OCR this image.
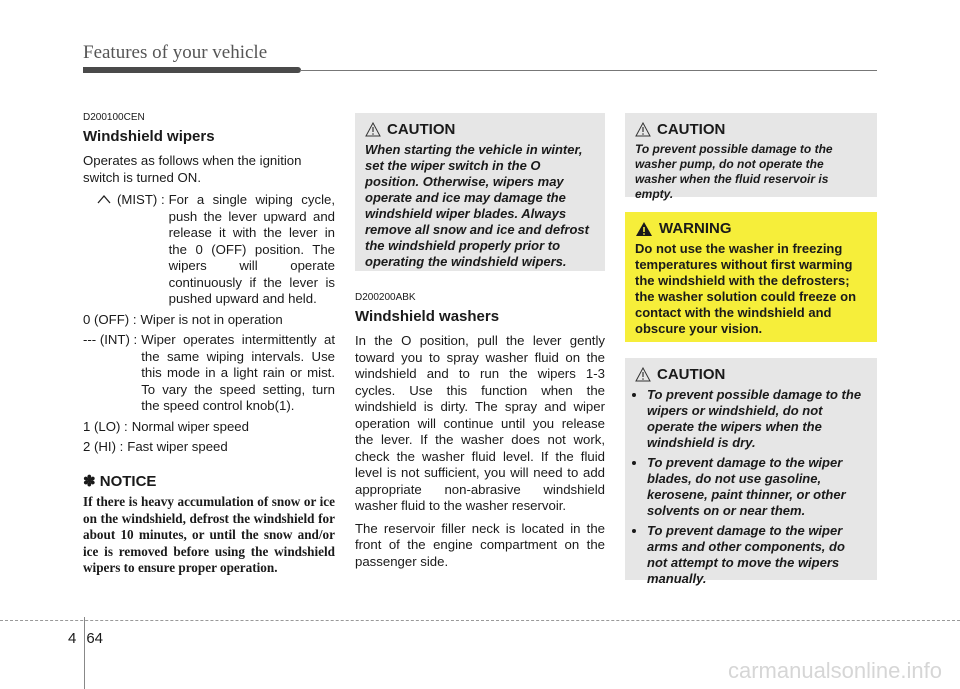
Features of your vehicle
D200100CEN
Windshield wipers

Operates as follows when the ignition switch is turned ON.

(MIST) : For a single wiping cycle, push the lever upward and release it with the lever in the 0 (OFF) position. The wipers will operate continuously if the lever is pushed upward and held.
0 (OFF) : Wiper is not in operation
--- (INT) : Wiper operates intermittently at the same wiping intervals. Use this mode in a light rain or mist. To vary the speed setting, turn the speed control knob(1).
1 (LO) : Normal wiper speed
2 (HI) : Fast wiper speed
✽ NOTICE
If there is heavy accumulation of snow or ice on the windshield, defrost the windshield for about 10 minutes, or until the snow and/or ice is removed before using the windshield wipers to ensure proper operation.
CAUTION
When starting the vehicle in winter, set the wiper switch in the O position. Otherwise, wipers may operate and ice may damage the windshield wiper blades. Always remove all snow and ice and defrost the windshield properly prior to operating the windshield wipers.
D200200ABK
Windshield washers

In the O position, pull the lever gently toward you to spray washer fluid on the windshield and to run the wipers 1-3 cycles. Use this function when the windshield is dirty. The spray and wiper operation will continue until you release the lever. If the washer does not work, check the washer fluid level. If the fluid level is not sufficient, you will need to add appropriate non-abrasive windshield washer fluid to the washer reservoir.

The reservoir filler neck is located in the front of the engine compartment on the passenger side.

CAUTION
To prevent possible damage to the washer pump, do not operate the washer when the fluid reservoir is empty.
WARNING
Do not use the washer in freezing temperatures without first warming the windshield with the defrosters; the washer solution could freeze on contact with the windshield and obscure your vision.
CAUTION
• To prevent possible damage to the wipers or windshield, do not operate the wipers when the windshield is dry.
• To prevent damage to the wiper blades, do not use gasoline, kerosene, paint thinner, or other solvents on or near them.
• To prevent damage to the wiper arms and other components, do not attempt to move the wipers manually.
4 64
carmanualsonline.info
